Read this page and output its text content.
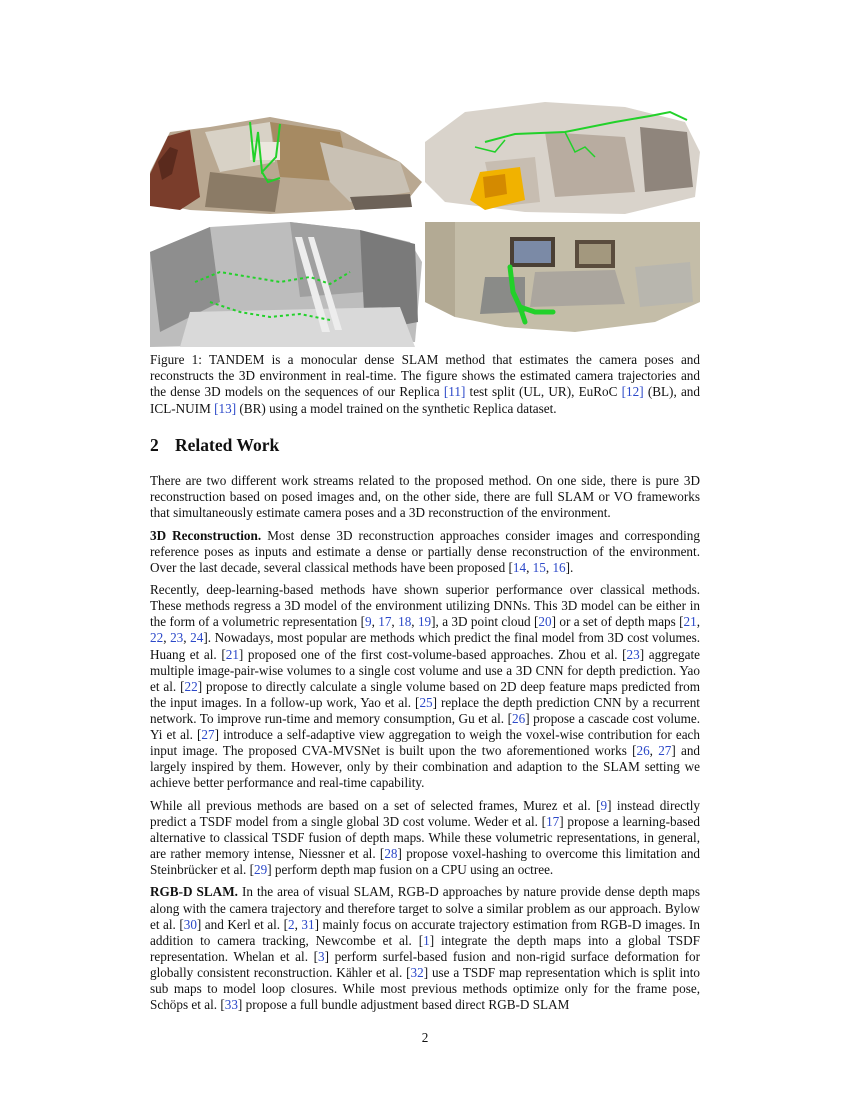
Figure 1: TANDEM is a monocular dense SLAM method that estimates the camera poses and reconstructs the 3D environment in real-time. The figure shows the estimated camera trajectories and the dense 3D models on the sequences of our Replica [11] test split (UL, UR), EuRoC [12] (BL), and ICL-NUIM [13] (BR) using a model trained on the synthetic Replica dataset.
2 Related Work

There are two different work streams related to the proposed method. On one side, there is pure 3D reconstruction based on posed images and, on the other side, there are full SLAM or VO frameworks that simultaneously estimate camera poses and a 3D reconstruction of the environment.

3D Reconstruction. Most dense 3D reconstruction approaches consider images and corresponding reference poses as inputs and estimate a dense or partially dense reconstruction of the environment. Over the last decade, several classical methods have been proposed [14, 15, 16].

Recently, deep-learning-based methods have shown superior performance over classical methods. These methods regress a 3D model of the environment utilizing DNNs. This 3D model can be either in the form of a volumetric representation [9, 17, 18, 19], a 3D point cloud [20] or a set of depth maps [21, 22, 23, 24]. Nowadays, most popular are methods which predict the final model from 3D cost volumes. Huang et al. [21] proposed one of the first cost-volume-based approaches. Zhou et al. [23] aggregate multiple image-pair-wise volumes to a single cost volume and use a 3D CNN for depth prediction. Yao et al. [22] propose to directly calculate a single volume based on 2D deep feature maps predicted from the input images. In a follow-up work, Yao et al. [25] replace the depth prediction CNN by a recurrent network. To improve run-time and memory consumption, Gu et al. [26] propose a cascade cost volume. Yi et al. [27] introduce a self-adaptive view aggregation to weigh the voxel-wise contribution for each input image. The proposed CVA-MVSNet is built upon the two aforementioned works [26, 27] and largely inspired by them. However, only by their combination and adaption to the SLAM setting we achieve better performance and real-time capability.

While all previous methods are based on a set of selected frames, Murez et al. [9] instead directly predict a TSDF model from a single global 3D cost volume. Weder et al. [17] propose a learning-based alternative to classical TSDF fusion of depth maps. While these volumetric representations, in general, are rather memory intense, Niessner et al. [28] propose voxel-hashing to overcome this limitation and Steinbrücker et al. [29] perform depth map fusion on a CPU using an octree.

RGB-D SLAM. In the area of visual SLAM, RGB-D approaches by nature provide dense depth maps along with the camera trajectory and therefore target to solve a similar problem as our approach. Bylow et al. [30] and Kerl et al. [2, 31] mainly focus on accurate trajectory estimation from RGB-D images. In addition to camera tracking, Newcombe et al. [1] integrate the depth maps into a global TSDF representation. Whelan et al. [3] perform surfel-based fusion and non-rigid surface deformation for globally consistent reconstruction. Kähler et al. [32] use a TSDF map representation which is split into sub maps to model loop closures. While most previous methods optimize only for the frame pose, Schöps et al. [33] propose a full bundle adjustment based direct RGB-D SLAM

2
